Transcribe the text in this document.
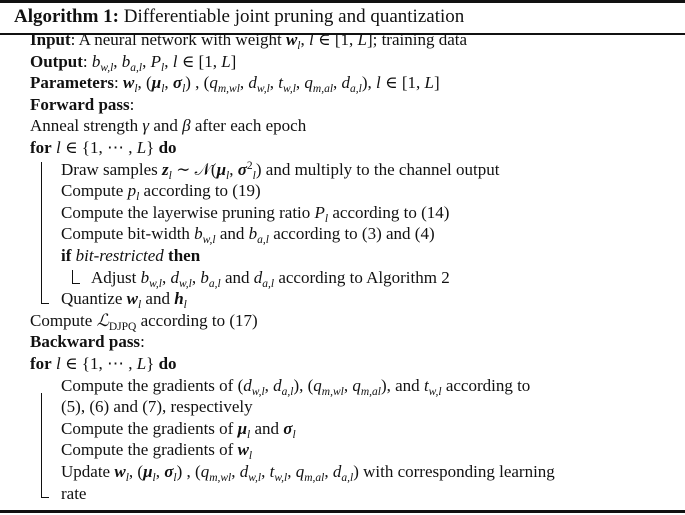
Algorithm 1: Differentiable joint pruning and quantization
Input: A neural network with weight $w_l$, l ∈ [1, L]; training data
Output: $b_{w,l}$, $b_{a,l}$, $P_l$, l ∈ [1, L]
Parameters: $w_l$, ($\mu_l$, $\sigma_l$) , ($q_{m,wl}$, $d_{w,l}$, $t_{w,l}$, $q_{m,al}$, $d_{a,l}$), l ∈ [1, L]
Forward pass:
Anneal strength γ and β after each epoch
for l ∈ {1, ⋯ , L} do
Draw samples $z_l$ ∼ $𝒩(\mu_l$, $\sigma^2_l$) and multiply to the channel output
Compute $p_l$ according to (19)
Compute the layerwise pruning ratio $P_l$ according to (14)
Compute bit-width $b_{w,l}$ and $b_{a,l}$ according to (3) and (4)
if bit-restricted then
Adjust $b_{w,l}$, $d_{w,l}$, $b_{a,l}$ and $d_{a,l}$ according to Algorithm 2
Quantize $w_l$ and $h_l$
Compute ℒ$_{DJPQ}$ according to (17)
Backward pass:
for l ∈ {1, ⋯ , L} do
Compute the gradients of ($d_{w,l}$, $d_{a,l}$), ($q_{m,wl}$, $q_{m,al}$), and $t_{w,l}$ according to
(5), (6) and (7), respectively
Compute the gradients of $\mu_l$ and $\sigma_l$
Compute the gradients of $w_l$
Update $w_l$, ($\mu_l$, $\sigma_l$) , ($q_{m,wl}$, $d_{w,l}$, $t_{w,l}$, $q_{m,al}$, $d_{a,l}$) with corresponding learning
rate
